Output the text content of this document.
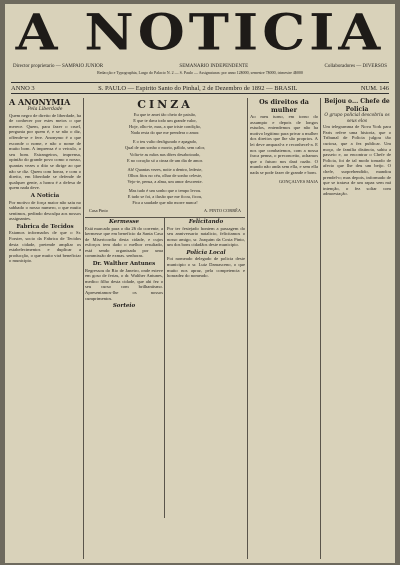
A NOTICIA
Director proprietario — SAMPAIO JUNIOR	SEMANARIO INDEPENDENTE	Collaboradores — DIVERSOS
Redacção e Typographia, Largo do Palacio N. 2 — S. Paulo — Assignaturas: por anno 12$000, semestre 7$000, trimestre 4$000
ANNO 3	S. PAULO — Espirito Santo do Pinhal, 2 de Dezembro de 1892 — BRASIL	NUM. 146
A ANONYMIA
Pela Liberdade
Quem negro de direito de liberdade, ha de conhecer por estes meios o que merece. Quem, para fazer o cruel, pergunta por quem é, e se não o diz, offende-se e fere. Anonymo é o que esconde o nome, e não o nome de muito bom. A imprensa é o veiculo, o seu bom. Estrangeiros, imprensa, opinião do grande povo como o nosso, quantas vezes o dito se dirige ao que não se diz. Quem com honra, e com o direito, em liberdade se defende de qualquer gente, a honra é a defesa de quem nada deve.
A Noticia
Por motivo de força maior não saiu no sabbado o nosso numero, o que muito sentimos, pedindo desculpa aos nossos assignantes.
Fabrica de Tecidos
Estamos informados de que o Sr. Forster, socio da Fabrica de Tecidos desta cidade, pretende ampliar os estabelecimentos e duplicar a producção, o que muito virá beneficiar o municipio.
CINZA
Eu que te amei tão cheio de paixão,
E que te dava todo um grande valor,
Hoje, olho-te, mas, a que triste condição,
Nada resta do que me prendera o amor.
E o teu vulto desfigurado e apagado,
Qual de um sonho o morto, pálido, sem calor,
Volta-te as mãos nas dôres desabotoado,
E no coração só a cinza de um dia de amor.
Ah! Quantas vezes, noite a dentro, ledeste,
Olhos fitos no céu, olhar de sonho celeste,
Vejo-te, pensa, a alma, um amor descrente.
Mas tudo é um sonho que o tempo levou.
E tudo se foi, a ilusão que me ficou, ficou,
Fica a saudade que não morre nunca!
Casa Pinto	A. PINTO CORRÊA
Kermesse
Está marcado para o dia 26 do corrente, a kermesse que em beneficio da Santa Casa de Misericordia desta cidade, e cujos esforços tem dado o melhor resultado, está sendo organisada por uma commissão de exmas. senhoras.
Dr. Walther Antunes
Regressou do Rio de Janeiro, onde esteve em goso de ferias, o dr. Walther Antunes, medico filho desta cidade, que ahi fez o seu curso com brilhantismo. Apresentamos-lhe os nossos cumprimentos.
Sorteio
Felicitando
Por ter festejado hontem a passagem do seu anniversario natalicio, felicitamos o nosso amigo, sr. Joaquim da Costa Pinto, um dos bons cidadãos deste municipio.
Policia Local
Foi nomeado delegado de policia deste municipio o sr. Luiz Damasceno, o que muito nos apraz, pela competencia e honradez do nomeado.
Os direitos da mulher
Ao meu turno, em torno do assumpto e depois de longos estudos, entendemos que não ha motivo legitimo para privar a mulher dos direitos que lhe são proprios. A lei deve amparal-a e reconhecel-a. E nos que combatemos, com a nossa fraca penna, o preconceito, achamos que o futuro nos dará razão. O mundo não anda sem ella, e sem ella nada se pode fazer de grande e bom.
GONÇALVES MAIA
Beijou o... Chefe de Policia
O grupo policial descobriu os seus elos
Um telegramma de Nova York para Paris refere uma historia, que o Tribunal de Policia julgou tão curiosa, que a fez publicar. Um moço, de familia distincta, sahiu a passeio e, ao encontrar o Chefe de Policia, foi de tal modo tomado de afecto que lhe deu um beijo. O chefe, surprehendido, mandou prendel-o; mas depois, informado de que se tratava de um rapaz sem má intenção, o fez soltar com admoestação.
